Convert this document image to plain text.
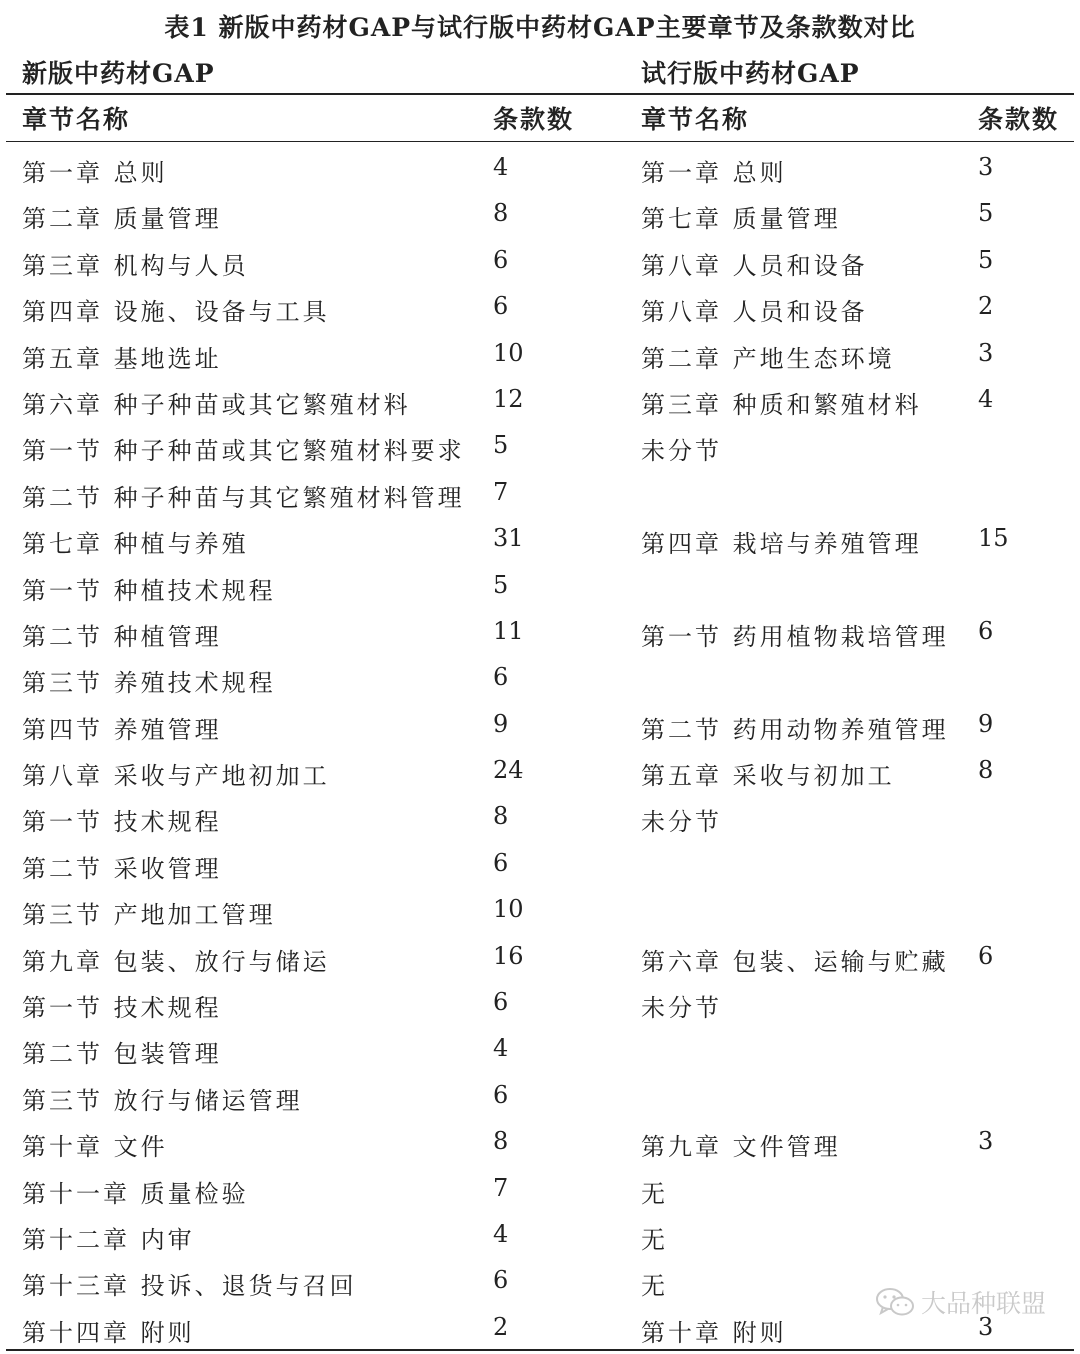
表1 新版中药材GAP与试行版中药材GAP主要章节及条款数对比
新版中药材GAP	试行版中药材GAP
章节名称	条款数	章节名称	条款数
第一章 总则	4	第一章 总则	3
第二章 质量管理	8	第七章 质量管理	5
第三章 机构与人员	6	第八章 人员和设备	5
第四章 设施、设备与工具	6	第八章 人员和设备	2
第五章 基地选址	10	第二章 产地生态环境	3
第六章 种子种苗或其它繁殖材料	12	第三章 种质和繁殖材料 4
第一节 种子种苗或其它繁殖材料要求 5	未分节
第二节 种子种苗与其它繁殖材料管理 7
第七章 种植与养殖	31	第四章 栽培与养殖管理 15
第一节 种植技术规程	5
第二节 种植管理	11	第一节 药用植物栽培管理 6
第三节 养殖技术规程	6
第四节 养殖管理	9	第二节 药用动物养殖管理 9
第八章 采收与产地初加工	24	第五章 采收与初加工	8
第一节 技术规程	8	未分节
第二节 采收管理	6
第三节 产地加工管理	10
第九章 包装、放行与储运	16	第六章 包装、运输与贮藏 6
第一节 技术规程	6	未分节
第二节 包装管理	4
第三节 放行与储运管理	6
第十章 文件	8	第九章 文件管理	3
第十一章 质量检验	7	无
第十二章 内审	4	无
第十三章 投诉、退货与召回	6	无
第十四章 附则	2	第十章 附则	3
大品种联盟
